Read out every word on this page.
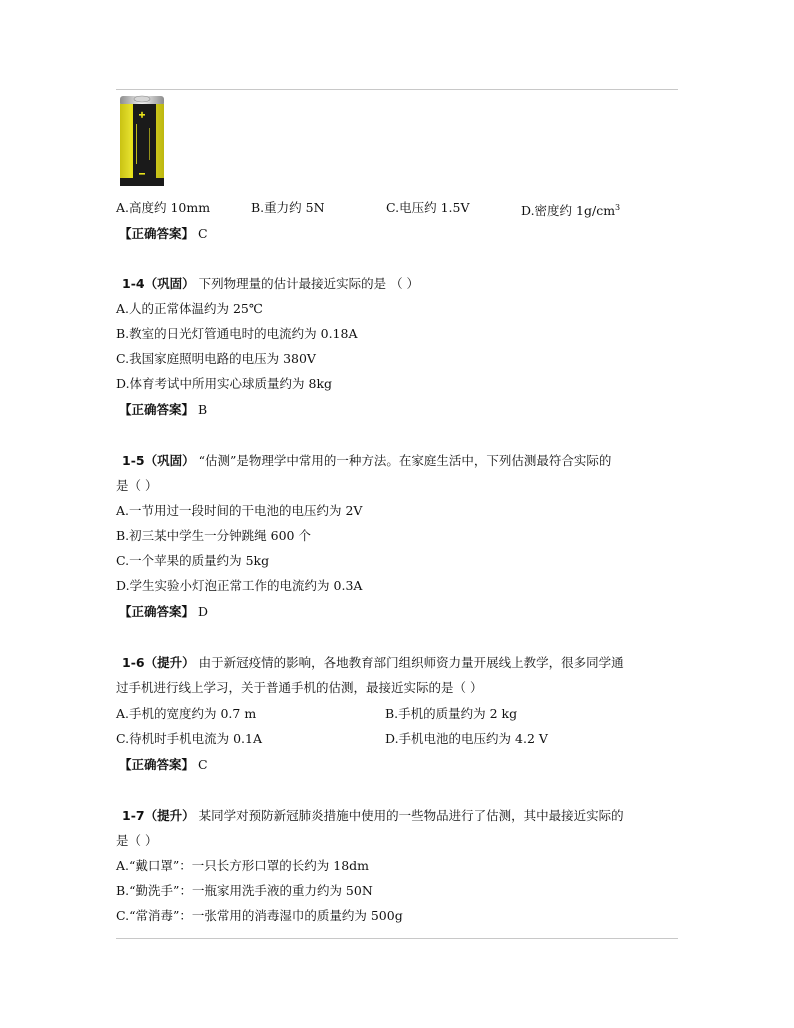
A.高度约 10mm	B.重力约 5N	C.电压约 1.5V	D.密度约 $1g/cm^3$
【正确答案】 C
1-4（巩固） 下列物理量的估计最接近实际的是 （ ）
A.人的正常体温约为 25℃
B.教室的日光灯管通电时的电流约为 0.18A
C.我国家庭照明电路的电压为 380V
D.体育考试中所用实心球质量约为 8kg
【正确答案】 B
1-5（巩固） “估测”是物理学中常用的一种方法。在家庭生活中，下列估测最符合实际的
是（ ）
A.一节用过一段时间的干电池的电压约为 2V
B.初三某中学生一分钟跳绳 600 个
C.一个苹果的质量约为 5kg
D.学生实验小灯泡正常工作的电流约为 0.3A
【正确答案】 D
1-6（提升） 由于新冠疫情的影响，各地教育部门组织师资力量开展线上教学，很多同学通
过手机进行线上学习，关于普通手机的估测，最接近实际的是（ ）
A.手机的宽度约为 0.7 m	B.手机的质量约为 2 kg
C.待机时手机电流为 0.1A	D.手机电池的电压约为 4.2 V
【正确答案】 C
1-7（提升） 某同学对预防新冠肺炎措施中使用的一些物品进行了估测，其中最接近实际的
是（ ）
A.“戴口罩”：一只长方形口罩的长约为 18dm
B.“勤洗手”：一瓶家用洗手液的重力约为 50N
C.“常消毒”：一张常用的消毒湿巾的质量约为 500g
